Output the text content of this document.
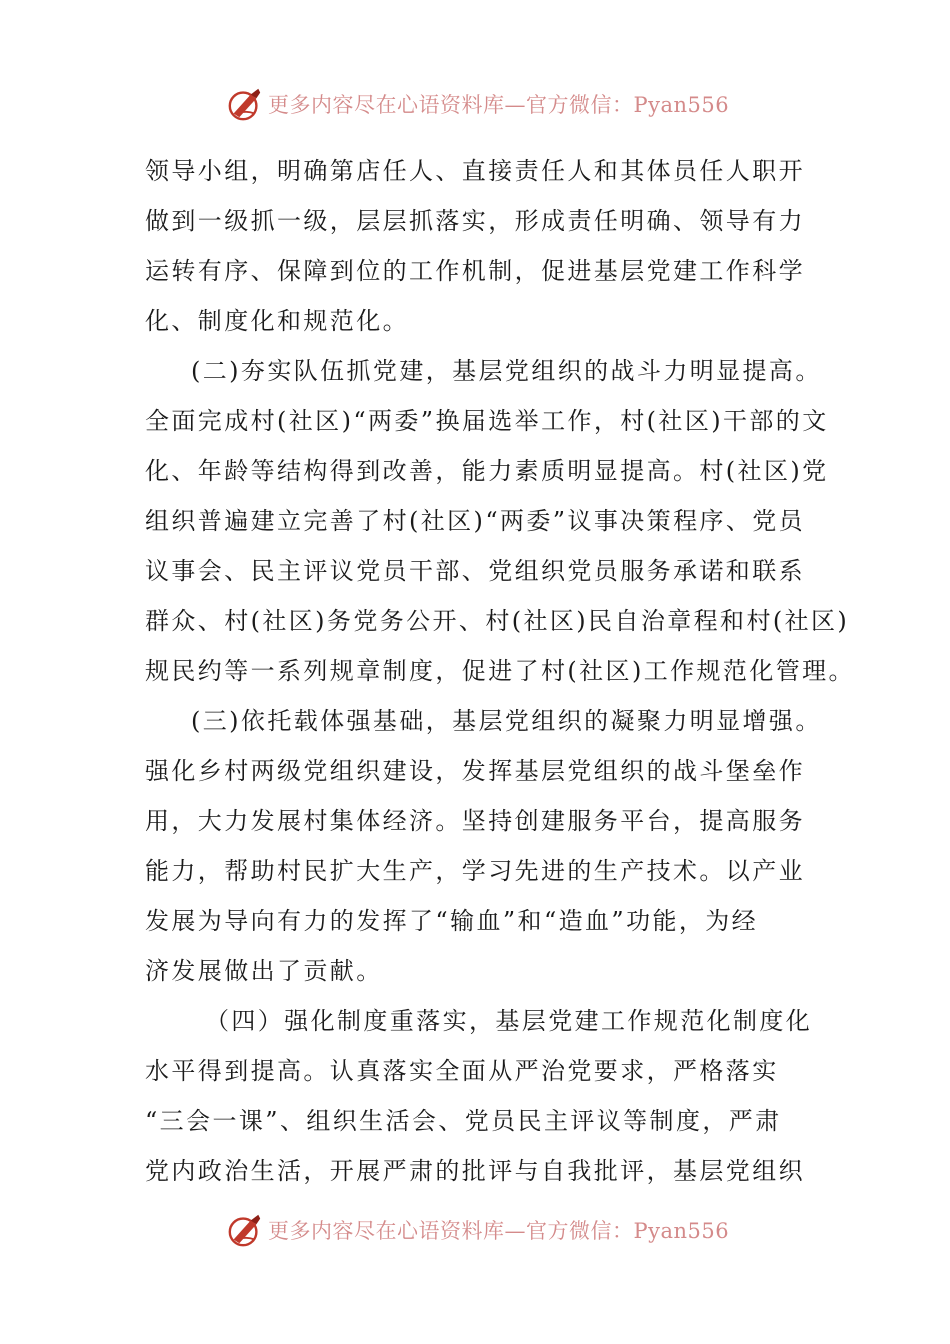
更多内容尽在心语资料库—官方微信：Pyan556
领导小组，明确第店任人、直接责任人和其体员任人职开
做到一级抓一级，层层抓落实，形成责任明确、领导有力
运转有序、保障到位的工作机制，促进基层党建工作科学
化、制度化和规范化。
(二)夯实队伍抓党建，基层党组织的战斗力明显提高。
全面完成村(社区)“两委”换届选举工作，村(社区)干部的文
化、年龄等结构得到改善，能力素质明显提高。村(社区)党
组织普遍建立完善了村(社区)“两委”议事决策程序、党员
议事会、民主评议党员干部、党组织党员服务承诺和联系
群众、村(社区)务党务公开、村(社区)民自治章程和村(社区)
规民约等一系列规章制度，促进了村(社区)工作规范化管理。
(三)依托载体强基础，基层党组织的凝聚力明显增强。
强化乡村两级党组织建设，发挥基层党组织的战斗堡垒作
用，大力发展村集体经济。坚持创建服务平台，提高服务
能力，帮助村民扩大生产，学习先进的生产技术。以产业
发展为导向有力的发挥了“输血”和“造血”功能，为经
济发展做出了贡献。
（四）强化制度重落实，基层党建工作规范化制度化
水平得到提高。认真落实全面从严治党要求，严格落实
“三会一课”、组织生活会、党员民主评议等制度，严肃
党内政治生活，开展严肃的批评与自我批评，基层党组织
更多内容尽在心语资料库—官方微信：Pyan556
